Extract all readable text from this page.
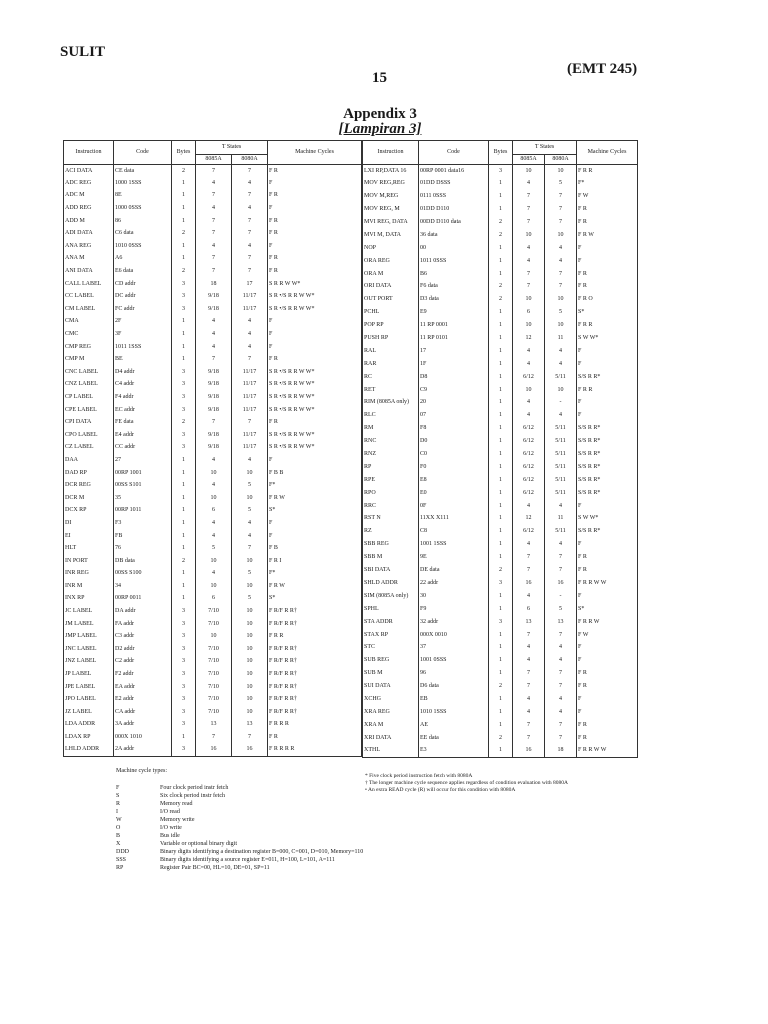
SULIT
15
(EMT 245)
Appendix 3
[Lampiran 3]
Instruction	Code	Bytes	T States		Machine Cycles
			8085A	8080A	
ACI DATA	CE data	2	7	7	F R
ADC REG	1000 1SSS	1	4	4	F
ADC M	8E	1	7	7	F R
ADD REG	1000 0SSS	1	4	4	F
ADD M	86	1	7	7	F R
ADI DATA	C6 data	2	7	7	F R
ANA REG	1010 0SSS	1	4	4	F
ANA M	A6	1	7	7	F R
ANI DATA	E6 data	2	7	7	F R
CALL LABEL	CD addr	3	18	17	S R R W W*
CC LABEL	DC addr	3	9/18	11/17	S R •/S R R W W*
CM LABEL	FC addr	3	9/18	11/17	S R •/S R R W W*
CMA	2F	1	4	4	F
CMC	3F	1	4	4	F
CMP REG	1011 1SSS	1	4	4	F
CMP M	BE	1	7	7	F R
CNC LABEL	D4 addr	3	9/18	11/17	S R •/S R R W W*
CNZ LABEL	C4 addr	3	9/18	11/17	S R •/S R R W W*
CP LABEL	F4 addr	3	9/18	11/17	S R •/S R R W W*
CPE LABEL	EC addr	3	9/18	11/17	S R •/S R R W W*
CPI DATA	FE data	2	7	7	F R
CPO LABEL	E4 addr	3	9/18	11/17	S R •/S R R W W*
CZ LABEL	CC addr	3	9/18	11/17	S R •/S R R W W*
DAA	27	1	4	4	F
DAD RP	00RP 1001	1	10	10	F B B
DCR REG	00SS S101	1	4	5	F*
DCR M	35	1	10	10	F R W
DCX RP	00RP 1011	1	6	5	S*
DI	F3	1	4	4	F
EI	FB	1	4	4	F
HLT	76	1	5	7	F B
IN PORT	DB data	2	10	10	F R I
INR REG	00SS S100	1	4	5	F*
INR M	34	1	10	10	F R W
INX RP	00RP 0011	1	6	5	S*
JC LABEL	DA addr	3	7/10	10	F R/F R R†
JM LABEL	FA addr	3	7/10	10	F R/F R R†
JMP LABEL	C3 addr	3	10	10	F R R
JNC LABEL	D2 addr	3	7/10	10	F R/F R R†
JNZ LABEL	C2 addr	3	7/10	10	F R/F R R†
JP LABEL	F2 addr	3	7/10	10	F R/F R R†
JPE LABEL	EA addr	3	7/10	10	F R/F R R†
JPO LABEL	E2 addr	3	7/10	10	F R/F R R†
JZ LABEL	CA addr	3	7/10	10	F R/F R R†
LDA ADDR	3A addr	3	13	13	F R R R
LDAX RP	000X 1010	1	7	7	F R
LHLD ADDR	2A addr	3	16	16	F R R R R
Instruction	Code	Bytes	T States		Machine Cycles
			8085A	8080A	
LXI RP,DATA 16	00RP 0001 data16	3	10	10	F R R
MOV REG,REG	01DD DSSS	1	4	5	F*
MOV M,REG	0111 0SSS	1	7	7	F W
MOV REG, M	01DD D110	1	7	7	F R
MVI REG, DATA	00DD D110 data	2	7	7	F R
MVI M, DATA	36 data	2	10	10	F R W
NOP	00	1	4	4	F
ORA REG	1011 0SSS	1	4	4	F
ORA M	B6	1	7	7	F R
ORI DATA	F6 data	2	7	7	F R
OUT PORT	D3 data	2	10	10	F R O
PCHL	E9	1	6	5	S*
POP RP	11 RP 0001	1	10	10	F R R
PUSH RP	11 RP 0101	1	12	11	S W W*
RAL	17	1	4	4	F
RAR	1F	1	4	4	F
RC	D8	1	6/12	5/11	S/S R R*
RET	C9	1	10	10	F R R
RIM (8085A only)	20	1	4	-	F
RLC	07	1	4	4	F
RM	F8	1	6/12	5/11	S/S R R*
RNC	D0	1	6/12	5/11	S/S R R*
RNZ	C0	1	6/12	5/11	S/S R R*
RP	F0	1	6/12	5/11	S/S R R*
RPE	E8	1	6/12	5/11	S/S R R*
RPO	E0	1	6/12	5/11	S/S R R*
RRC	0F	1	4	4	F
RST N	11XX X111	1	12	11	S W W*
RZ	C8	1	6/12	5/11	S/S R R*
SBB REG	1001 1SSS	1	4	4	F
SBB M	9E	1	7	7	F R
SBI DATA	DE data	2	7	7	F R
SHLD ADDR	22 addr	3	16	16	F R R W W
SIM (8085A only)	30	1	4	-	F
SPHL	F9	1	6	5	S*
STA ADDR	32 addr	3	13	13	F R R W
STAX RP	000X 0010	1	7	7	F W
STC	37	1	4	4	F
SUB REG	1001 0SSS	1	4	4	F
SUB M	96	1	7	7	F R
SUI DATA	D6 data	2	7	7	F R
XCHG	EB	1	4	4	F
XRA REG	1010 1SSS	1	4	4	F
XRA M	AE	1	7	7	F R
XRI DATA	EE data	2	7	7	F R
XTHL	E3	1	16	18	F R R W W
Machine cycle types:
F	Four clock period instr fetch
S	Six clock period instr fetch
R	Memory read
I	I/O read
W	Memory write
O	I/O write
B	Bus idle
X	Variable or optional binary digit
DDD	Binary digits identifying a destination register B=000, C=001, D=010, Memory=110
SSS	Binary digits identifying a source register E=011, H=100, L=101, A=111
RP	Register Pair BC=00, HL=10, DE=01, SP=11
* Five clock period instruction fetch with 8080A
† The longer machine cycle sequence applies regardless of condition evaluation with 8080A
• An extra READ cycle (R) will occur for this condition with 8080A
